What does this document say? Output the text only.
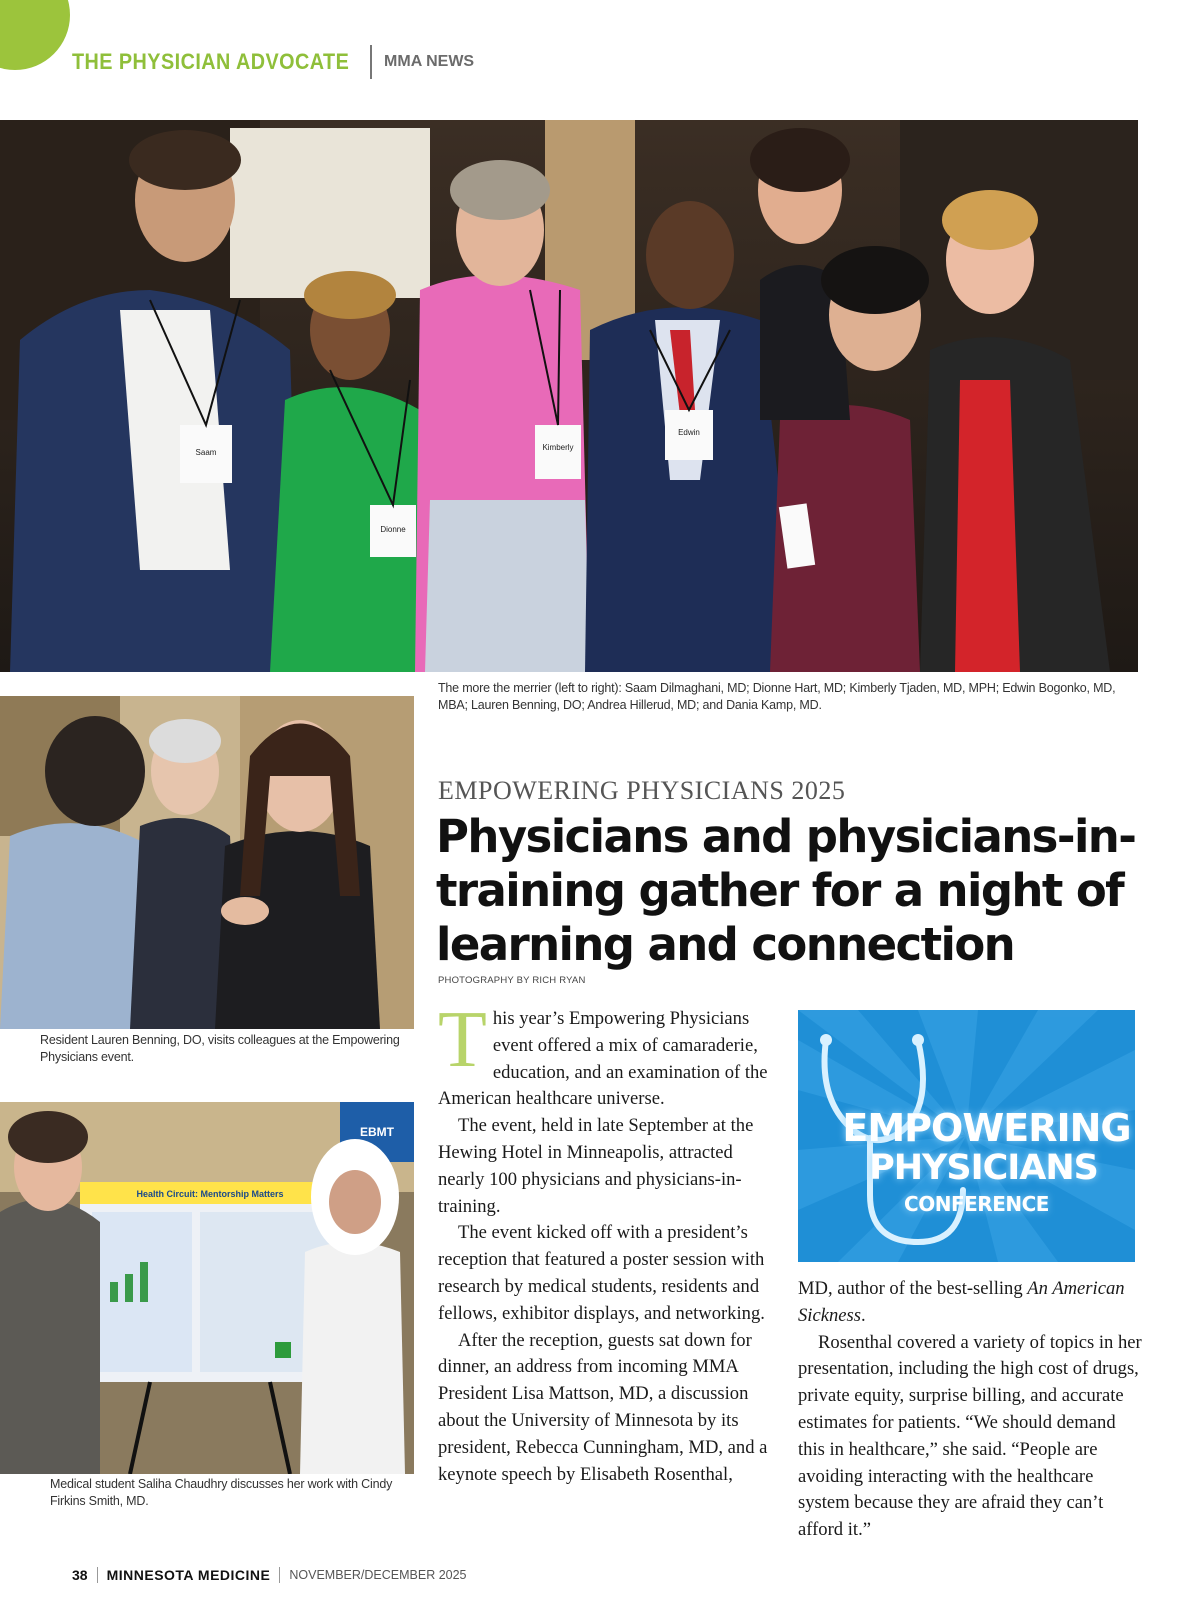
THE PHYSICIAN ADVOCATE MMA NEWS
Saam
Dionne
Kimberly
Edwin
The more the merrier (left to right): Saam Dilmaghani, MD; Dionne Hart, MD; Kimberly Tjaden, MD, MPH; Edwin Bogonko, MD, MBA; Lauren Benning, DO; Andrea Hillerud, MD; and Dania Kamp, MD.
Resident Lauren Benning, DO, visits colleagues at the Empowering Physicians event.
EBMT
Health Circuit: Mentorship Matters
Medical student Saliha Chaudhry discusses her work with Cindy Firkins Smith, MD.
EMPOWERING PHYSICIANS 2025
Physicians and physicians-in-training gather for a night of learning and connection
PHOTOGRAPHY BY RICH RYAN

This year’s Empowering Physicians event offered a mix of camaraderie, education, and an examination of the American healthcare universe.

The event, held in late September at the Hewing Hotel in Minneapolis, attracted nearly 100 physicians and physicians-in-training.

The event kicked off with a president’s reception that featured a poster session with research by medical students, residents and fellows, exhibitor displays, and networking.

After the reception, guests sat down for dinner, an address from incoming MMA President Lisa Mattson, MD, a discussion about the University of Minnesota by its president, Rebecca Cunningham, MD, and a keynote speech by Elisabeth Rosenthal,

EMPOWERING
PHYSICIANS
CONFERENCE

MD, author of the best-selling An American Sickness.

Rosenthal covered a variety of topics in her presentation, including the high cost of drugs, private equity, surprise billing, and accurate estimates for patients. “We should demand this in healthcare,” she said. “People are avoiding interacting with the healthcare system because they are afraid they can’t afford it.”

38 MINNESOTA MEDICINE NOVEMBER/DECEMBER 2025
